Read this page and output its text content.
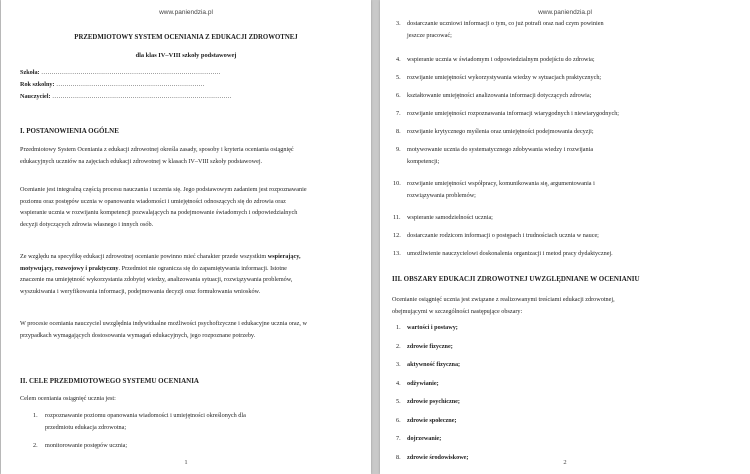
www.paniendzia.pl
PRZEDMIOTOWY SYSTEM OCENIANIA Z EDUKACJI ZDROWOTNEJ
dla klas IV–VIII szkoły podstawowej
Szkoła: ……………………………………………………………………………
Rok szkolny: ………………………………………………………………
Nauczyciel: ……………………………………………………………………………
I. POSTANOWIENIA OGÓLNE
Przedmiotowy System Oceniania z edukacji zdrowotnej określa zasady, sposoby i kryteria oceniania osiągnięć edukacyjnych uczniów na zajęciach edukacji zdrowotnej w klasach IV–VIII szkoły podstawowej.
Ocenianie jest integralną częścią procesu nauczania i uczenia się. Jego podstawowym zadaniem jest rozpoznawanie poziomu oraz postępów ucznia w opanowaniu wiadomości i umiejętności odnoszących się do zdrowia oraz wspieranie ucznia w rozwijaniu kompetencji pozwalających na podejmowanie świadomych i odpowiedzialnych decyzji dotyczących zdrowia własnego i innych osób.
Ze względu na specyfikę edukacji zdrowotnej ocenianie powinno mieć charakter przede wszystkim wspierający, motywujący, rozwojowy i praktyczny. Przedmiot nie ogranicza się do zapamiętywania informacji. Istotne znaczenie ma umiejętność wykorzystania zdobytej wiedzy, analizowania sytuacji, rozwiązywania problemów, wyszukiwania i weryfikowania informacji, podejmowania decyzji oraz formułowania wniosków.
W procesie oceniania nauczyciel uwzględnia indywidualne możliwości psychofizyczne i edukacyjne ucznia oraz, w przypadkach wymagających dostosowania wymagań edukacyjnych, jego rozpoznane potrzeby.
II. CELE PRZEDMIOTOWEGO SYSTEMU OCENIANIA
Celem oceniania osiągnięć ucznia jest:
1. rozpoznawanie poziomu opanowania wiadomości i umiejętności określonych dla
przedmiotu edukacja zdrowotna;
2. monitorowanie postępów ucznia;
1
www.paniendzia.pl
3. dostarczanie uczniowi informacji o tym, co już potrafi oraz nad czym powinien
jeszcze pracować;
4. wspieranie ucznia w świadomym i odpowiedzialnym podejściu do zdrowia;
5. rozwijanie umiejętności wykorzystywania wiedzy w sytuacjach praktycznych;
6. kształtowanie umiejętności analizowania informacji dotyczących zdrowia;
7. rozwijanie umiejętności rozpoznawania informacji wiarygodnych i niewiarygodnych;
8. rozwijanie krytycznego myślenia oraz umiejętności podejmowania decyzji;
9. motywowanie ucznia do systematycznego zdobywania wiedzy i rozwijania
kompetencji;
10. rozwijanie umiejętności współpracy, komunikowania się, argumentowania i
rozwiązywania problemów;
11. wspieranie samodzielności ucznia;
12. dostarczanie rodzicom informacji o postępach i trudnościach ucznia w nauce;
13. umożliwienie nauczycielowi doskonalenia organizacji i metod pracy dydaktycznej.
III. OBSZARY EDUKACJI ZDROWOTNEJ UWZGLĘDNIANE W OCENIANIU
Ocenianie osiągnięć ucznia jest związane z realizowanymi treściami edukacji zdrowotnej,
obejmującymi w szczególności następujące obszary:
1. wartości i postawy;
2. zdrowie fizyczne;
3. aktywność fizyczna;
4. odżywianie;
5. zdrowie psychiczne;
6. zdrowie społeczne;
7. dojrzewanie;
8. zdrowie środowiskowe;
2
